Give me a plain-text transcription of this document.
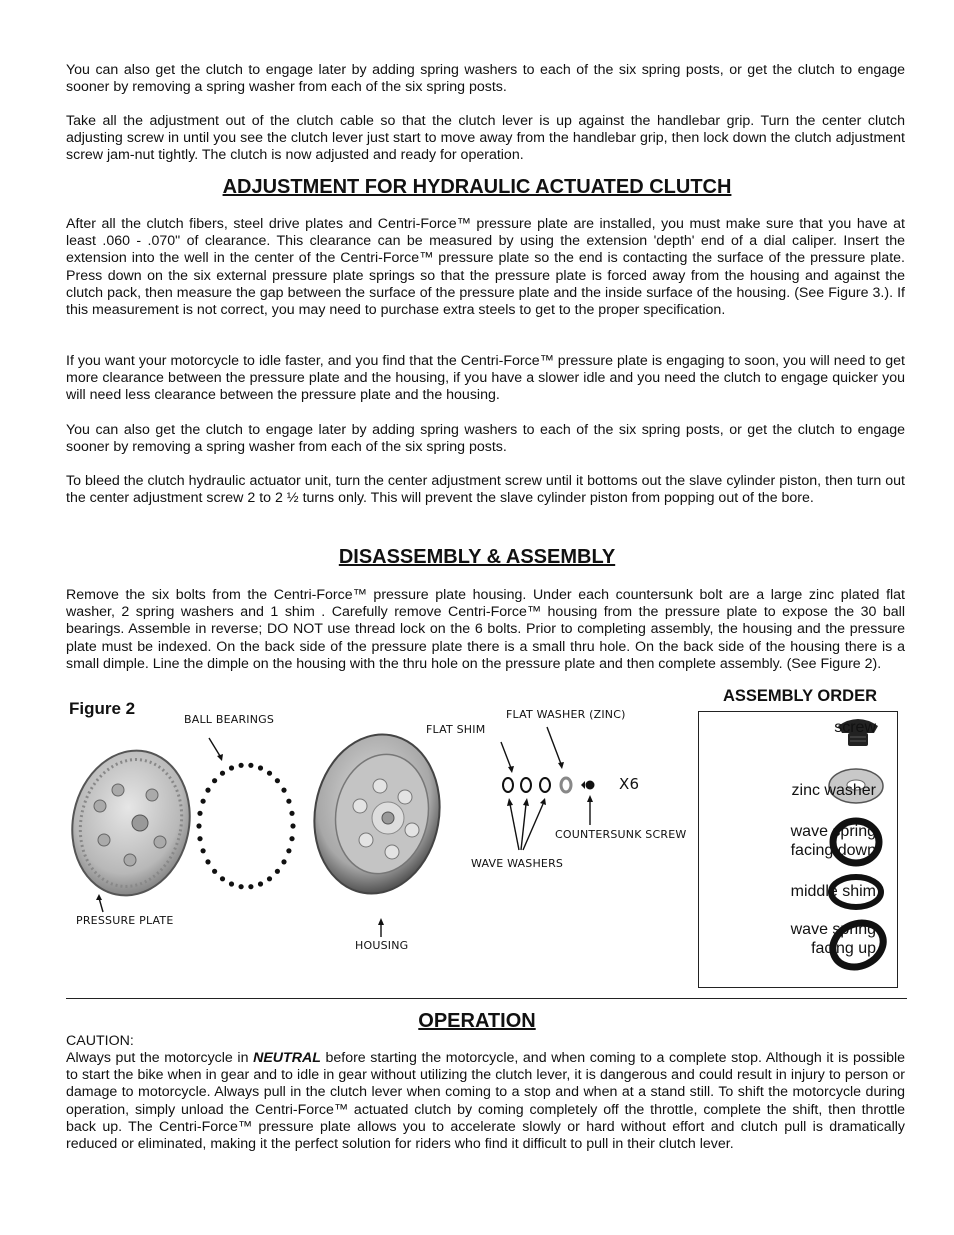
You can also get the clutch to engage later by adding spring washers to each of the six spring posts, or get the clutch to engage sooner by removing a spring washer from each of the six spring posts.

Take all the adjustment out of the clutch cable so that the clutch lever is up against the handlebar grip. Turn the center clutch adjusting screw in until you see the clutch lever just start to move away from the handlebar grip, then lock down the clutch adjustment screw jam-nut tightly. The clutch is now adjusted and ready for operation.

ADJUSTMENT FOR HYDRAULIC ACTUATED CLUTCH

After all the clutch fibers, steel drive plates and Centri-Force™ pressure plate are installed, you must make sure that you have at least .060 - .070" of clearance. This clearance can be measured by using the extension 'depth' end of a dial caliper. Insert the extension into the well in the center of the Centri-Force™ pressure plate so the end is contacting the surface of the pressure plate. Press down on the six external pressure plate springs so that the pressure plate is forced away from the housing and against the clutch pack, then measure the gap between the surface of the pressure plate and the inside surface of the housing. (See Figure 3.). If this measurement is not correct, you may need to purchase extra steels to get to the proper specification.

If you want your motorcycle to idle faster, and you find that the Centri-Force™ pressure plate is engaging to soon, you will need to get more clearance between the pressure plate and the housing, if you have a slower idle and you need the clutch to engage quicker you will need less clearance between the pressure plate and the housing.

You can also get the clutch to engage later by adding spring washers to each of the six spring posts, or get the clutch to engage sooner by removing a spring washer from each of the six spring posts.

To bleed the clutch hydraulic actuator unit, turn the center adjustment screw until it bottoms out the slave cylinder piston, then turn out the center adjustment screw 2 to 2 ½ turns only. This will prevent the slave cylinder piston from popping out of the bore.

DISASSEMBLY & ASSEMBLY

Remove the six bolts from the Centri-Force™ pressure plate housing. Under each countersunk bolt are a large zinc plated flat washer, 2 spring washers and 1 shim . Carefully remove Centri-Force™ housing from the pressure plate to expose the 30 ball bearings. Assemble in reverse; DO NOT use thread lock on the 6 bolts. Prior to completing assembly, the housing and the pressure plate must be indexed. On the back side of the pressure plate there is a small thru hole. On the back side of the housing there is a small dimple. Line the dimple on the housing with the thru hole on the pressure plate and then complete assembly. (See Figure 2).

Figure 2
BALL BEARINGS
FLAT SHIM
FLAT WASHER (ZINC)
X6
COUNTERSUNK SCREW
WAVE WASHERS
PRESSURE PLATE
HOUSING
ASSEMBLY ORDER
screw
zinc washer
wave spring
facing down
middle shim
wave spring
facing up
OPERATION
CAUTION:

Always put the motorcycle in NEUTRAL before starting the motorcycle, and when coming to a complete stop. Although it is possible to start the bike when in gear and to idle in gear without utilizing the clutch lever, it is dangerous and could result in injury to person or damage to motorcycle. Always pull in the clutch lever when coming to a stop and when at a stand still. To shift the motorcycle during operation, simply unload the Centri-Force™ actuated clutch by coming completely off the throttle, complete the shift, then throttle back up. The Centri-Force™ pressure plate allows you to accelerate slowly or hard without effort and clutch pull is dramatically reduced or eliminated, making it the perfect solution for riders who find it difficult to pull in their clutch lever.
